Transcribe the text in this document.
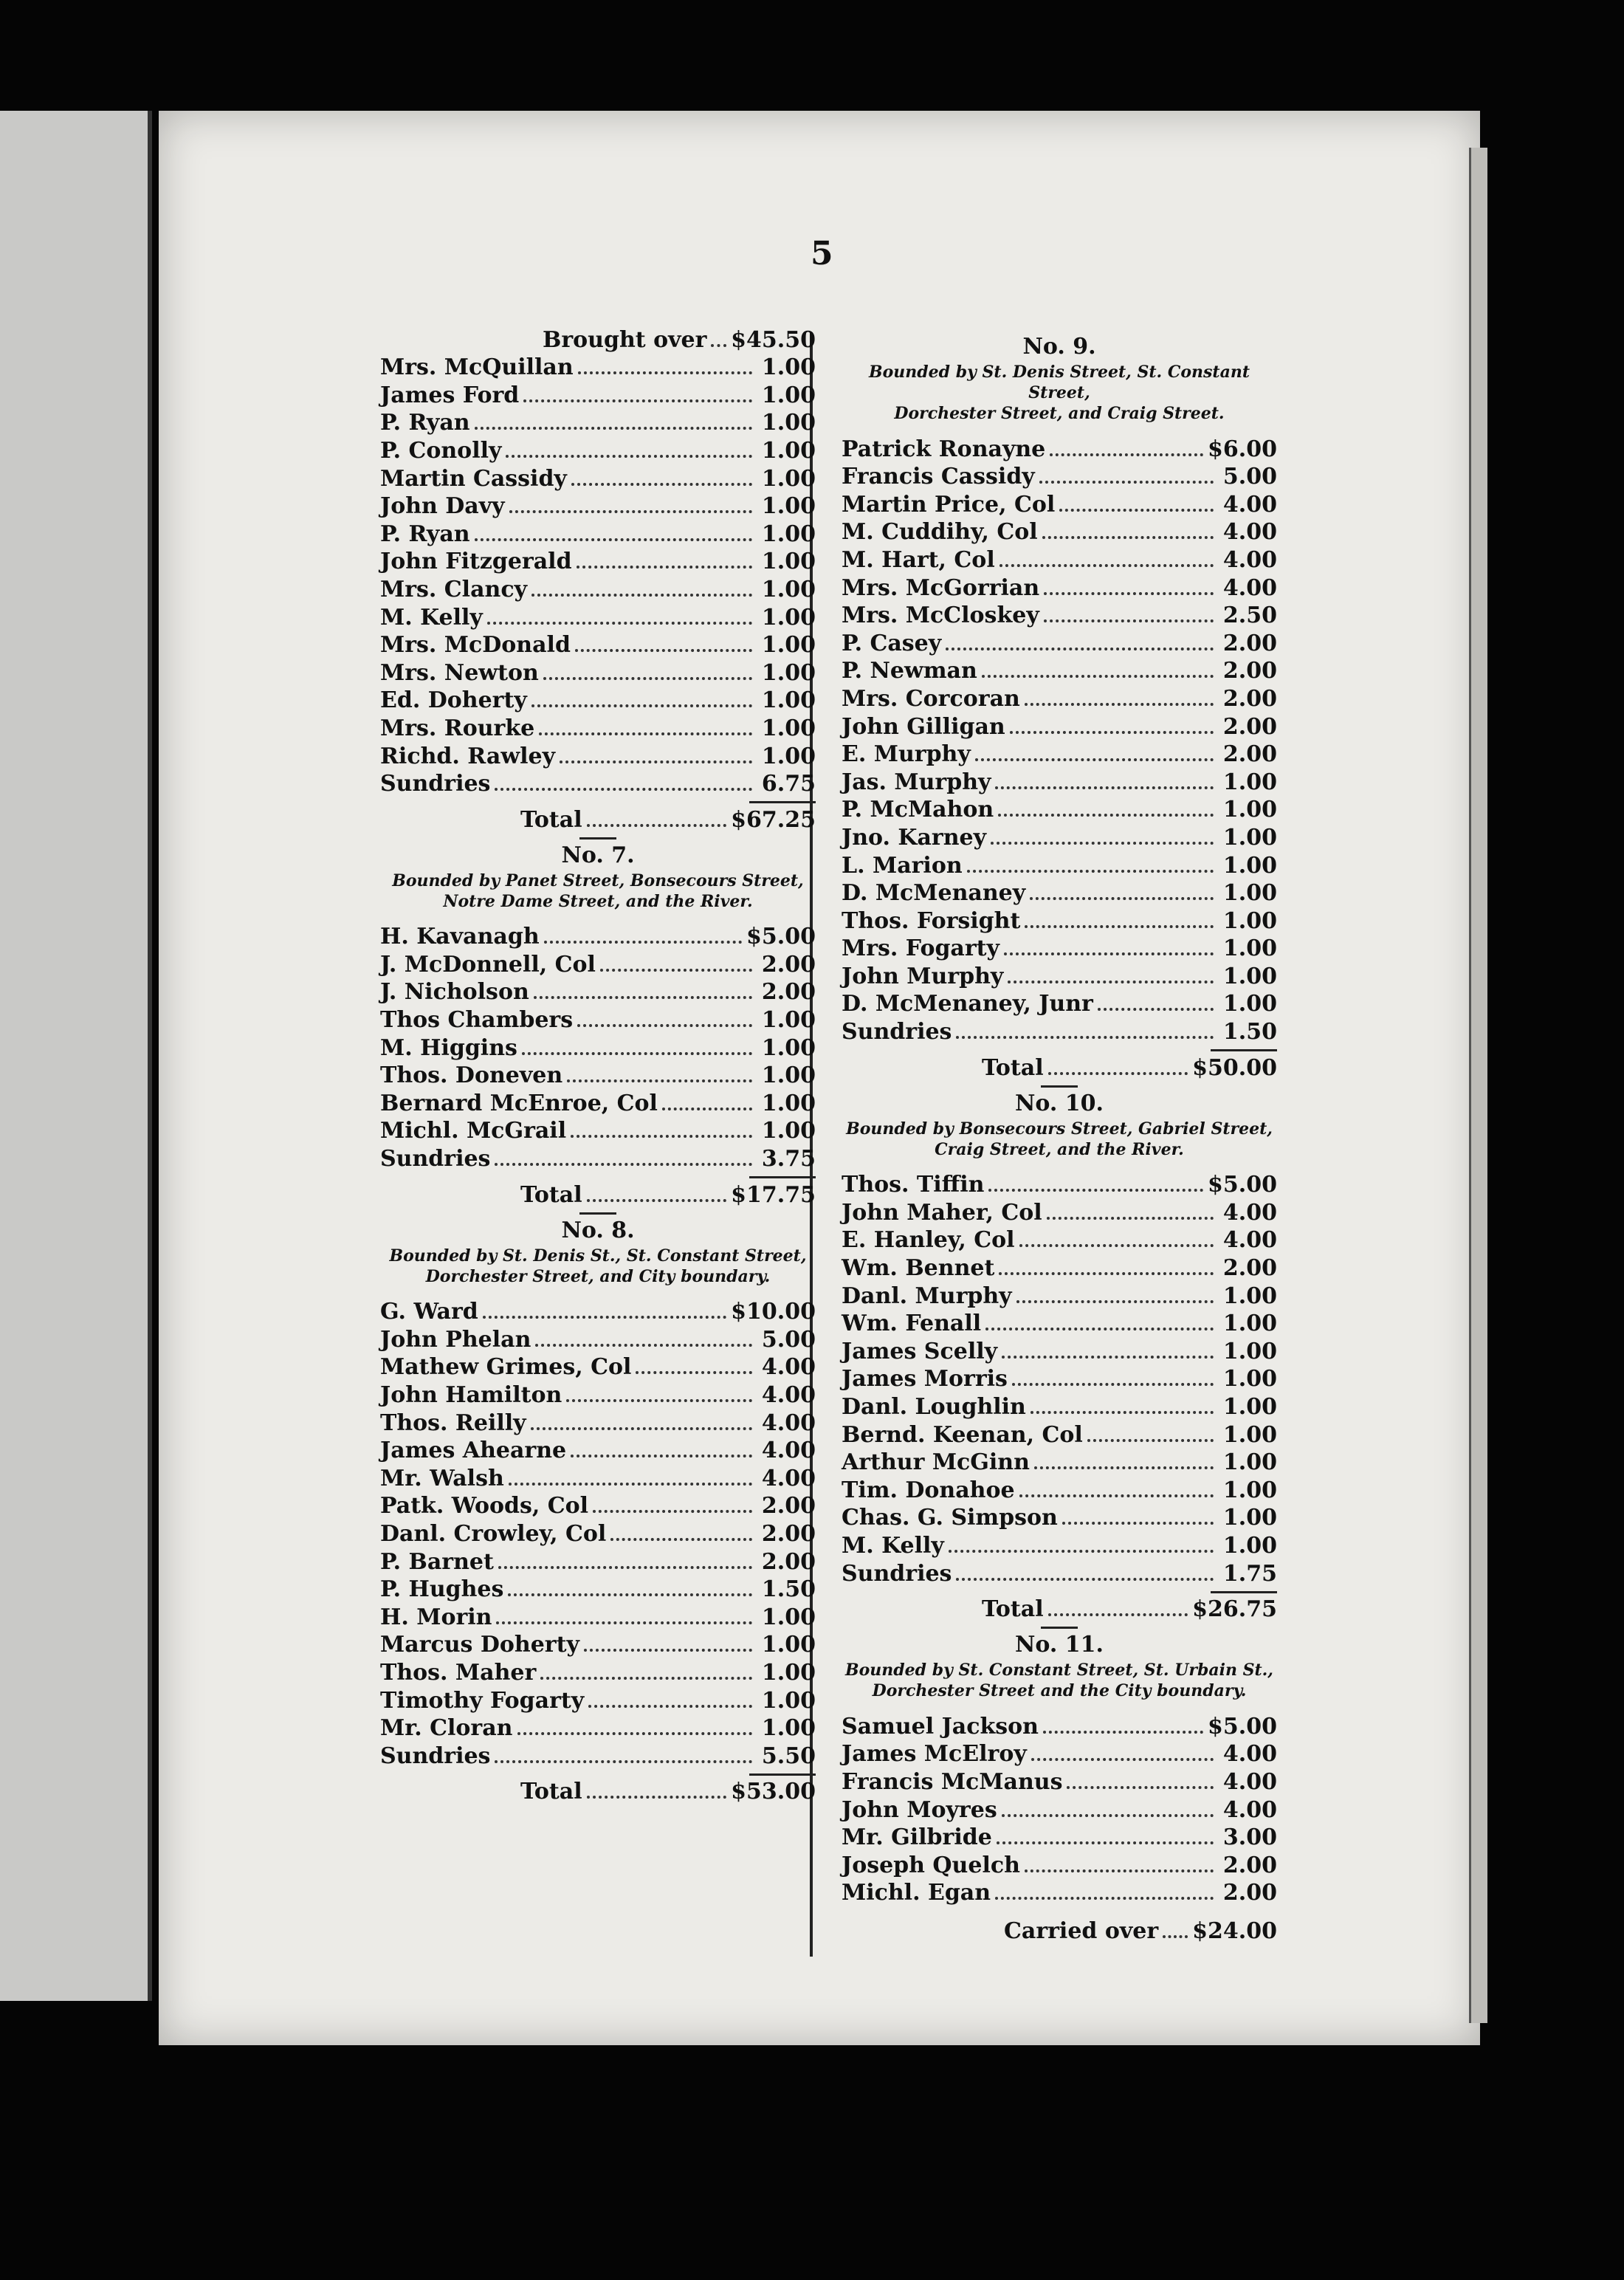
5
Brought over $45.50
Mrs. McQuillan	1.00
James Ford	1.00
P. Ryan	1.00
P. Conolly	1.00
Martin Cassidy	1.00
John Davy	1.00
P. Ryan	1.00
John Fitzgerald	1.00
Mrs. Clancy	1.00
M. Kelly	1.00
Mrs. McDonald	1.00
Mrs. Newton	1.00
Ed. Doherty	1.00
Mrs. Rourke	1.00
Richd. Rawley	1.00
Sundries	6.75
Total	$67.25
No. 7.
Bounded by Panet Street, Bonsecours Street,
Notre Dame Street, and the River.
H. Kavanagh	$5.00
J. McDonnell, Col	2.00
J. Nicholson	2.00
Thos Chambers	1.00
M. Higgins	1.00
Thos. Doneven	1.00
Bernard McEnroe, Col	1.00
Michl. McGrail	1.00
Sundries	3.75
Total	$17.75
No. 8.
Bounded by St. Denis St., St. Constant Street,
Dorchester Street, and City boundary.
G. Ward	$10.00
John Phelan	5.00
Mathew Grimes, Col	4.00
John Hamilton	4.00
Thos. Reilly	4.00
James Ahearne	4.00
Mr. Walsh	4.00
Patk. Woods, Col	2.00
Danl. Crowley, Col	2.00
P. Barnet	2.00
P. Hughes	1.50
H. Morin	1.00
Marcus Doherty	1.00
Thos. Maher	1.00
Timothy Fogarty	1.00
Mr. Cloran	1.00
Sundries	5.50
Total	$53.00
No. 9.
Bounded by St. Denis Street, St. Constant Street,
Dorchester Street, and Craig Street.
Patrick Ronayne	$6.00
Francis Cassidy	5.00
Martin Price, Col	4.00
M. Cuddihy, Col	4.00
M. Hart, Col	4.00
Mrs. McGorrian	4.00
Mrs. McCloskey	2.50
P. Casey	2.00
P. Newman	2.00
Mrs. Corcoran	2.00
John Gilligan	2.00
E. Murphy	2.00
Jas. Murphy	1.00
P. McMahon	1.00
Jno. Karney	1.00
L. Marion	1.00
D. McMenaney	1.00
Thos. Forsight	1.00
Mrs. Fogarty	1.00
John Murphy	1.00
D. McMenaney, Junr	1.00
Sundries	1.50
Total	$50.00
No. 10.
Bounded by Bonsecours Street, Gabriel Street,
Craig Street, and the River.
Thos. Tiffin	$5.00
John Maher, Col	4.00
E. Hanley, Col	4.00
Wm. Bennet	2.00
Danl. Murphy	1.00
Wm. Fenall	1.00
James Scelly	1.00
James Morris	1.00
Danl. Loughlin	1.00
Bernd. Keenan, Col	1.00
Arthur McGinn	1.00
Tim. Donahoe	1.00
Chas. G. Simpson	1.00
M. Kelly	1.00
Sundries	1.75
Total	$26.75
No. 11.
Bounded by St. Constant Street, St. Urbain St.,
Dorchester Street and the City boundary.
Samuel Jackson	$5.00
James McElroy	4.00
Francis McManus	4.00
John Moyres	4.00
Mr. Gilbride	3.00
Joseph Quelch	2.00
Michl. Egan	2.00
Carried over $24.00
